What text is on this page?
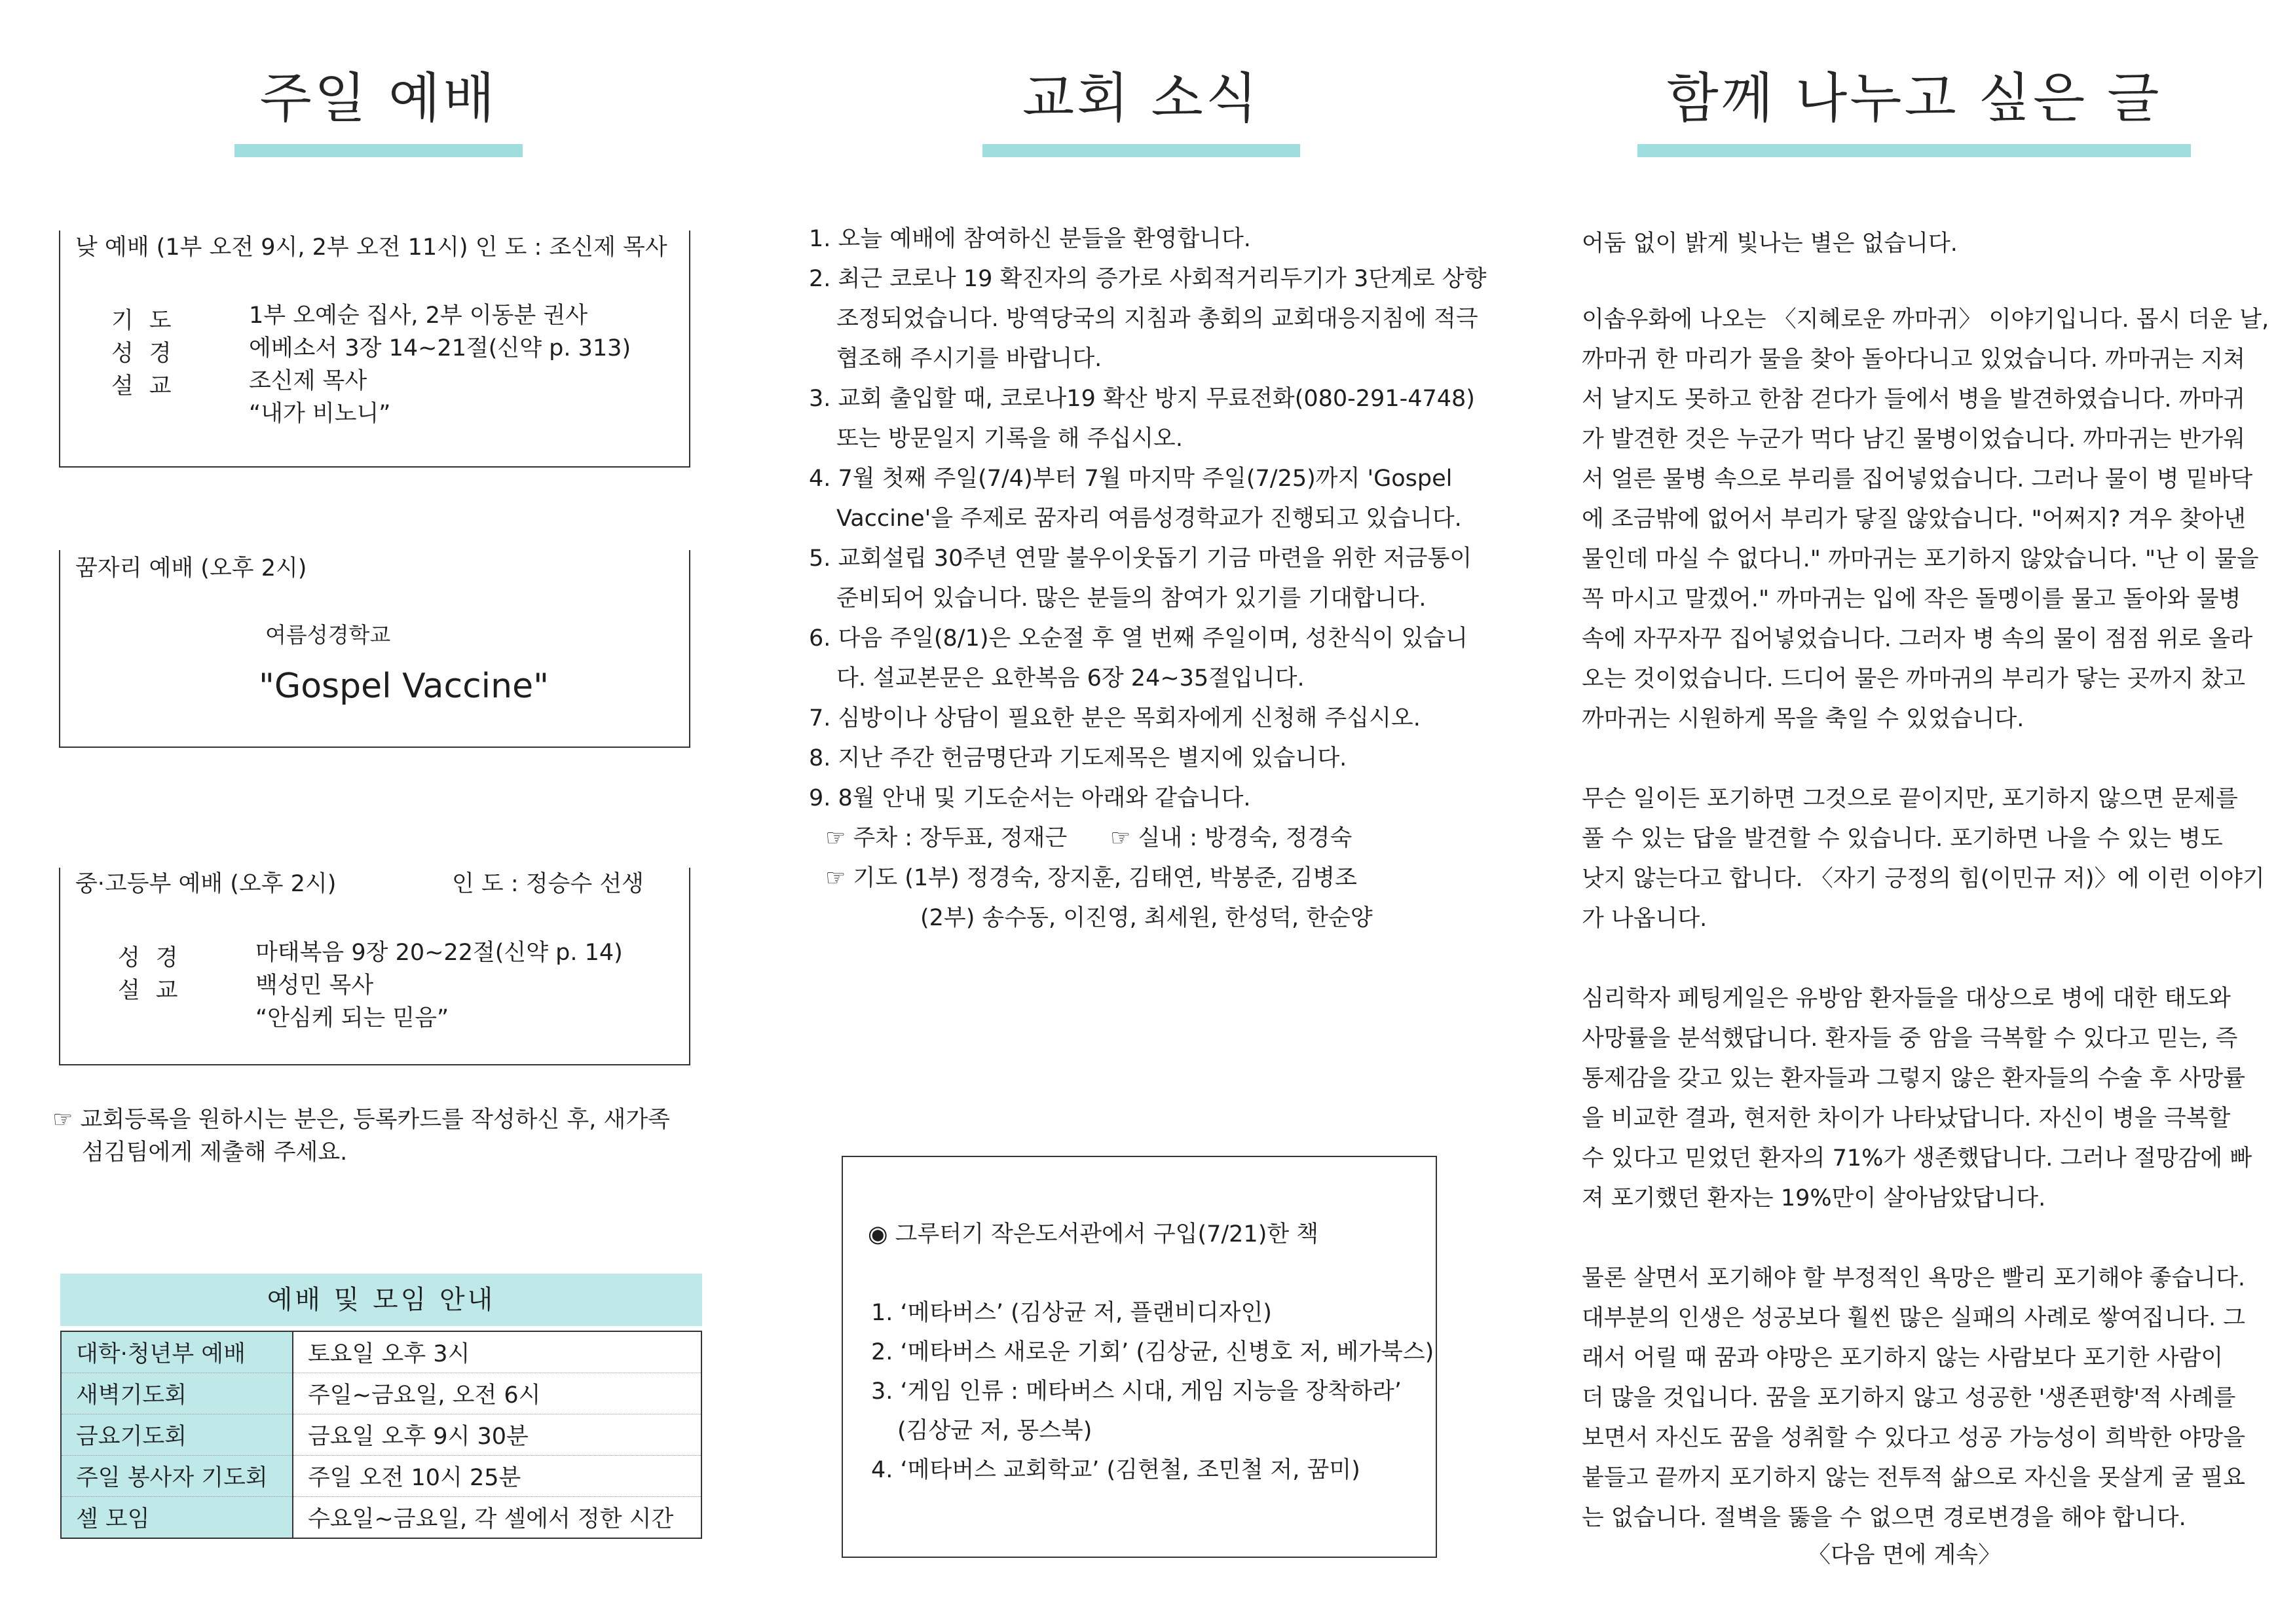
주일 예배
낮 예배 (1부 오전 9시, 2부 오전 11시) 인 도 : 조신제 목사
기도	1부 오예순 집사, 2부 이동분 권사
성경	에베소서 3장 14~21절(신약 p. 313)
설교	조신제 목사
“내가 비노니”
꿈자리 예배 (오후 2시)
여름성경학교
"Gospel Vaccine"
중·고등부 예배 (오후 2시)	인 도 : 정승수 선생
성경	마태복음 9장 20~22절(신약 p. 14)
설교	백성민 목사
“안심케 되는 믿음”
☞ 교회등록을 원하시는 분은, 등록카드를 작성하신 후, 새가족
섬김팀에게 제출해 주세요.
예배 및 모임 안내
대학·청년부 예배	토요일 오후 3시
새벽기도회	주일~금요일, 오전 6시
금요기도회	금요일 오후 9시 30분
주일 봉사자 기도회	주일 오전 10시 25분
셀 모임	수요일~금요일, 각 셀에서 정한 시간
교회 소식

1. 오늘 예배에 참여하신 분들을 환영합니다.

2. 최근 코로나 19 확진자의 증가로 사회적거리두기가 3단계로 상향

조정되었습니다. 방역당국의 지침과 총회의 교회대응지침에 적극

협조해 주시기를 바랍니다.

3. 교회 출입할 때, 코로나19 확산 방지 무료전화(080-291-4748)

또는 방문일지 기록을 해 주십시오.

4. 7월 첫째 주일(7/4)부터 7월 마지막 주일(7/25)까지 'Gospel

Vaccine'을 주제로 꿈자리 여름성경학교가 진행되고 있습니다.

5. 교회설립 30주년 연말 불우이웃돕기 기금 마련을 위한 저금통이

준비되어 있습니다. 많은 분들의 참여가 있기를 기대합니다.

6. 다음 주일(8/1)은 오순절 후 열 번째 주일이며, 성찬식이 있습니

다. 설교본문은 요한복음 6장 24~35절입니다.

7. 심방이나 상담이 필요한 분은 목회자에게 신청해 주십시오.

8. 지난 주간 헌금명단과 기도제목은 별지에 있습니다.

9. 8월 안내 및 기도순서는 아래와 같습니다.

☞ 주차 : 장두표, 정재근 ☞ 실내 : 방경숙, 정경숙

☞ 기도 (1부) 정경숙, 장지훈, 김태연, 박봉준, 김병조

(2부) 송수동, 이진영, 최세원, 한성덕, 한순양

◉ 그루터기 작은도서관에서 구입(7/21)한 책
1. ‘메타버스’ (김상균 저, 플랜비디자인)
2. ‘메타버스 새로운 기회’ (김상균, 신병호 저, 베가북스)
3. ‘게임 인류 : 메타버스 시대, 게임 지능을 장착하라’
(김상균 저, 몽스북)
4. ‘메타버스 교회학교’ (김현철, 조민철 저, 꿈미)
함께 나누고 싶은 글

어둠 없이 밝게 빛나는 별은 없습니다.

이솝우화에 나오는 〈지혜로운 까마귀〉 이야기입니다. 몹시 더운 날,

까마귀 한 마리가 물을 찾아 돌아다니고 있었습니다. 까마귀는 지쳐

서 날지도 못하고 한참 걷다가 들에서 병을 발견하였습니다. 까마귀

가 발견한 것은 누군가 먹다 남긴 물병이었습니다. 까마귀는 반가워

서 얼른 물병 속으로 부리를 집어넣었습니다. 그러나 물이 병 밑바닥

에 조금밖에 없어서 부리가 닿질 않았습니다. "어쩌지? 겨우 찾아낸

물인데 마실 수 없다니." 까마귀는 포기하지 않았습니다. "난 이 물을

꼭 마시고 말겠어." 까마귀는 입에 작은 돌멩이를 물고 돌아와 물병

속에 자꾸자꾸 집어넣었습니다. 그러자 병 속의 물이 점점 위로 올라

오는 것이었습니다. 드디어 물은 까마귀의 부리가 닿는 곳까지 찼고

까마귀는 시원하게 목을 축일 수 있었습니다.

무슨 일이든 포기하면 그것으로 끝이지만, 포기하지 않으면 문제를

풀 수 있는 답을 발견할 수 있습니다. 포기하면 나을 수 있는 병도

낫지 않는다고 합니다. 〈자기 긍정의 힘(이민규 저)〉에 이런 이야기

가 나옵니다.

심리학자 페팅게일은 유방암 환자들을 대상으로 병에 대한 태도와

사망률을 분석했답니다. 환자들 중 암을 극복할 수 있다고 믿는, 즉

통제감을 갖고 있는 환자들과 그렇지 않은 환자들의 수술 후 사망률

을 비교한 결과, 현저한 차이가 나타났답니다. 자신이 병을 극복할

수 있다고 믿었던 환자의 71%가 생존했답니다. 그러나 절망감에 빠

져 포기했던 환자는 19%만이 살아남았답니다.

물론 살면서 포기해야 할 부정적인 욕망은 빨리 포기해야 좋습니다.

대부분의 인생은 성공보다 훨씬 많은 실패의 사례로 쌓여집니다. 그

래서 어릴 때 꿈과 야망은 포기하지 않는 사람보다 포기한 사람이

더 많을 것입니다. 꿈을 포기하지 않고 성공한 '생존편향'적 사례를

보면서 자신도 꿈을 성취할 수 있다고 성공 가능성이 희박한 야망을

붙들고 끝까지 포기하지 않는 전투적 삶으로 자신을 못살게 굴 필요

는 없습니다. 절벽을 뚫을 수 없으면 경로변경을 해야 합니다.

〈다음 면에 계속〉
